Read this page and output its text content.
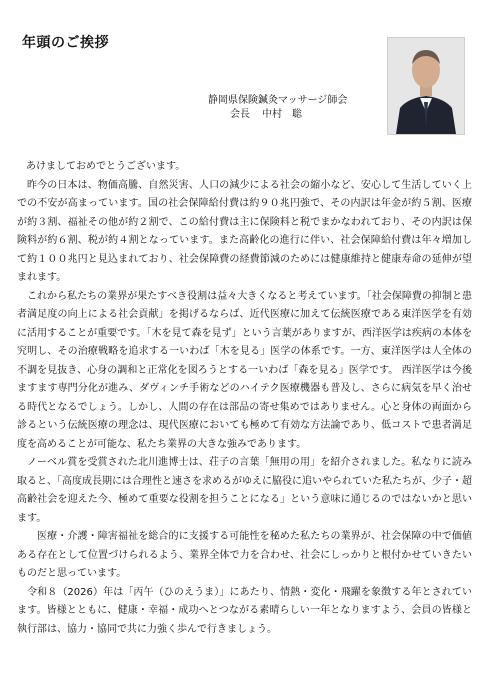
年頭のご挨拶
静岡県保険鍼灸マッサージ師会
会長 中村　聡

あけましておめでとうございます。

昨今の日本は、物価高騰、自然災害、人口の減少による社会の縮小など、安心して生活していく上での不安が高まっています。国の社会保障給付費は約９０兆円強で、その内訳は年金が約５割、医療が約３割、福祉その他が約２割で、この給付費は主に保険料と税でまかなわれており、その内訳は保険料が約６割、税が約４割となっています。また高齢化の進行に伴い、社会保障給付費は年々増加して約１００兆円と見込まれており、社会保障費の経費節減のためには健康維持と健康寿命の延伸が望まれます。

これから私たちの業界が果たすべき役割は益々大きくなると考えています。「社会保障費の抑制と患者満足度の向上による社会貢献」を掲げるならば、近代医療に加えて伝統医療である東洋医学を有効に活用することが重要です。「木を見て森を見ず」という言葉がありますが、西洋医学は疾病の本体を究明し、その治療戦略を追求する一いわば「木を見る」医学の体系です。一方、東洋医学は人全体の不調を見抜き、心身の調和と正常化を図ろうとする一いわば「森を見る」医学です。 西洋医学は今後ますます専門分化が進み、ダヴィンチ手術などのハイテク医療機器も普及し、さらに病気を早く治せる時代となるでしょう。しかし、人間の存在は部品の寄せ集めではありません。心と身体の両面から診るという伝統医療の理念は、現代医療においても極めて有効な方法論であり、低コストで患者満足度を高めることが可能な、私たち業界の大きな強みであります。

ノーベル賞を受賞された北川進博士は、荘子の言葉「無用の用」を紹介されました。私なりに読み取ると、「高度成長期には合理性と速さを求めるがゆえに脇役に追いやられていた私たちが、少子・超高齢社会を迎えた今、極めて重要な役割を担うことになる」という意味に通じるのではないかと思います。

医療・介護・障害福祉を総合的に支援する可能性を秘めた私たちの業界が、社会保障の中で価値ある存在として位置づけられるよう、業界全体で力を合わせ、社会にしっかりと根付かせていきたいものだと思っています。

令和８（2026）年は「丙午（ひのえうま）」にあたり、情熱・変化・飛躍を象徴する年とされています。皆様とともに、健康・幸福・成功へとつながる素晴らしい一年となりますよう、会員の皆様と執行部は、協力・協同で共に力強く歩んで行きましょう。
